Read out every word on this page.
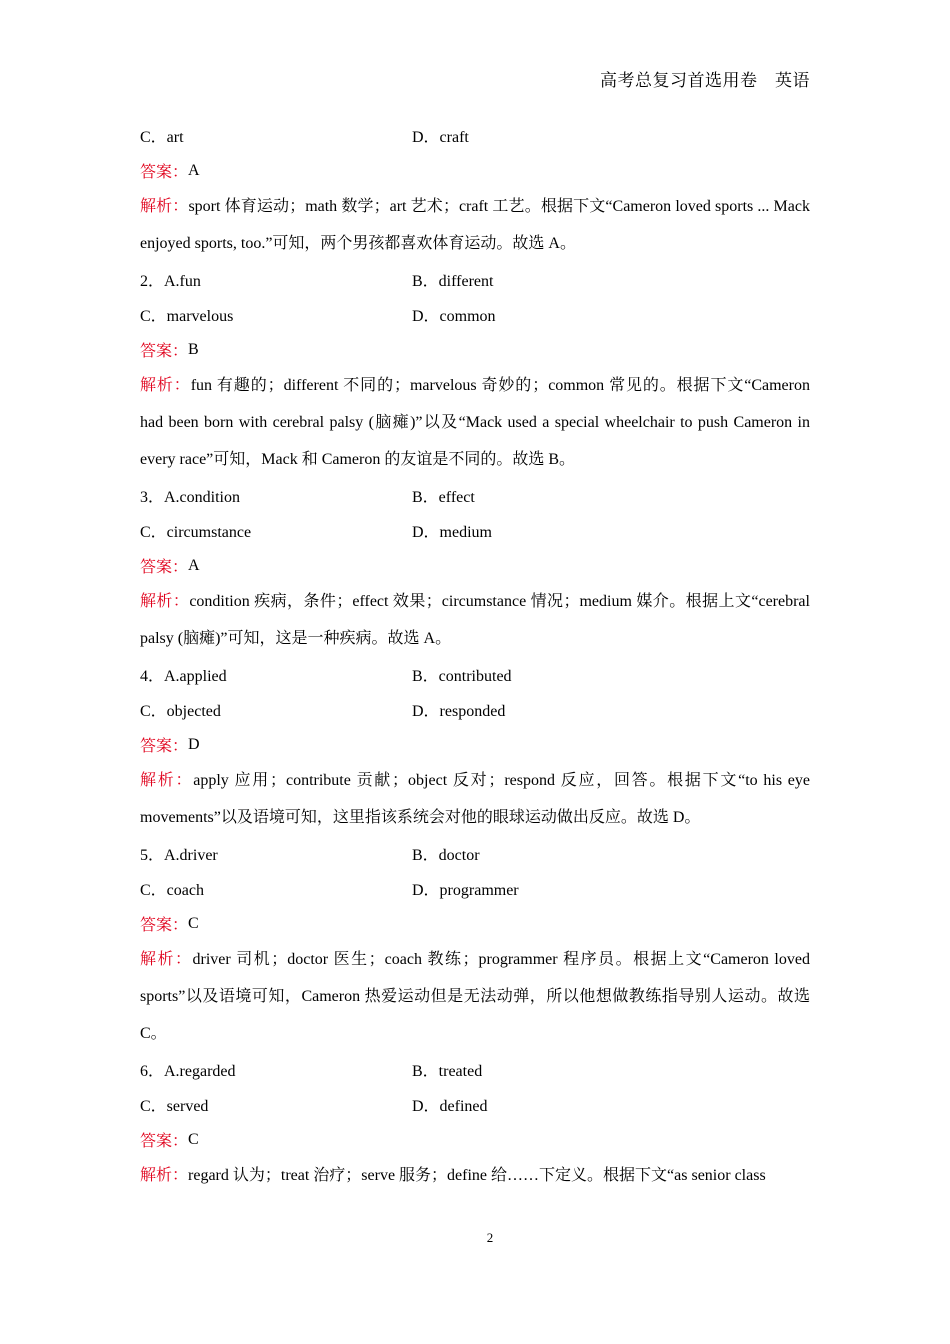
高考总复习首选用卷　英语
C．art	D．craft
答案： A

解析：sport 体育运动；math 数学；art 艺术；craft 工艺。根据下文“Cameron loved sports ... Mack enjoyed sports, too.”可知，两个男孩都喜欢体育运动。故选 A。

2．A.fun	B．different
C．marvelous	D．common
答案： B

解析：fun 有趣的；different 不同的；marvelous 奇妙的；common 常见的。根据下文“Cameron had been born with cerebral palsy (脑瘫)”以及“Mack used a special wheelchair to push Cameron in every race”可知，Mack 和 Cameron 的友谊是不同的。故选 B。

3．A.condition	B．effect
C．circumstance	D．medium
答案： A

解析：condition 疾病，条件；effect 效果；circumstance 情况；medium 媒介。根据上文“cerebral palsy (脑瘫)”可知，这是一种疾病。故选 A。

4．A.applied	B．contributed
C．objected	D．responded
答案： D

解析：apply 应用；contribute 贡献；object 反对；respond 反应，回答。根据下文“to his eye movements”以及语境可知，这里指该系统会对他的眼球运动做出反应。故选 D。

5．A.driver	B．doctor
C．coach	D．programmer
答案： C

解析：driver 司机；doctor 医生；coach 教练；programmer 程序员。根据上文“Cameron loved sports”以及语境可知，Cameron 热爱运动但是无法动弹，所以他想做教练指导别人运动。故选 C。

6．A.regarded	B．treated
C．served	D．defined
答案： C

解析：regard 认为；treat 治疗；serve 服务；define 给……下定义。根据下文“as senior class

2
